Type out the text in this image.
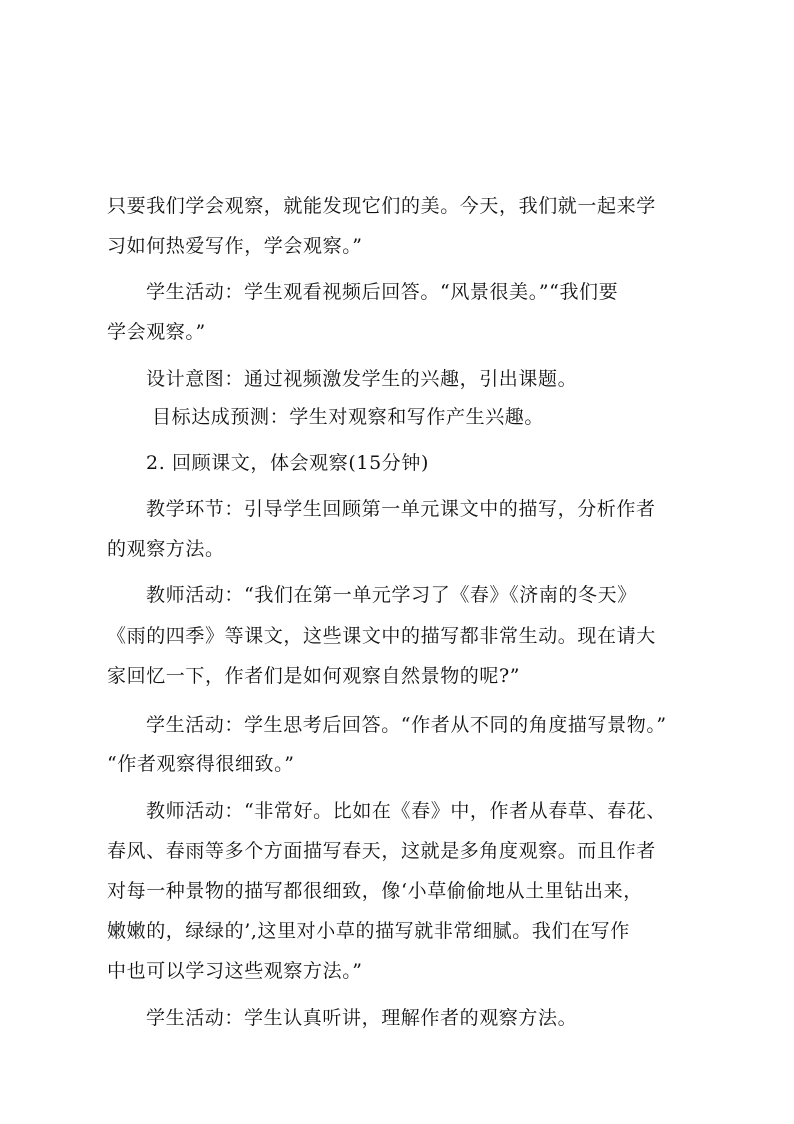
只要我们学会观察，就能发现它们的美。今天，我们就一起来学
习如何热爱写作，学会观察。”
学生活动：学生观看视频后回答。“风景很美。”“我们要
学会观察。”
设计意图：通过视频激发学生的兴趣，引出课题。
目标达成预测：学生对观察和写作产生兴趣。
2. 回顾课文，体会观察(15分钟)
教学环节：引导学生回顾第一单元课文中的描写，分析作者
的观察方法。
教师活动：“我们在第一单元学习了《春》《济南的冬天》
《雨的四季》等课文，这些课文中的描写都非常生动。现在请大
家回忆一下，作者们是如何观察自然景物的呢?”
学生活动：学生思考后回答。“作者从不同的角度描写景物。”
“作者观察得很细致。”
教师活动：“非常好。比如在《春》中，作者从春草、春花、
春风、春雨等多个方面描写春天，这就是多角度观察。而且作者
对每一种景物的描写都很细致，像‘小草偷偷地从土里钻出来，
嫩嫩的，绿绿的’,这里对小草的描写就非常细腻。我们在写作
中也可以学习这些观察方法。”
学生活动：学生认真听讲，理解作者的观察方法。
